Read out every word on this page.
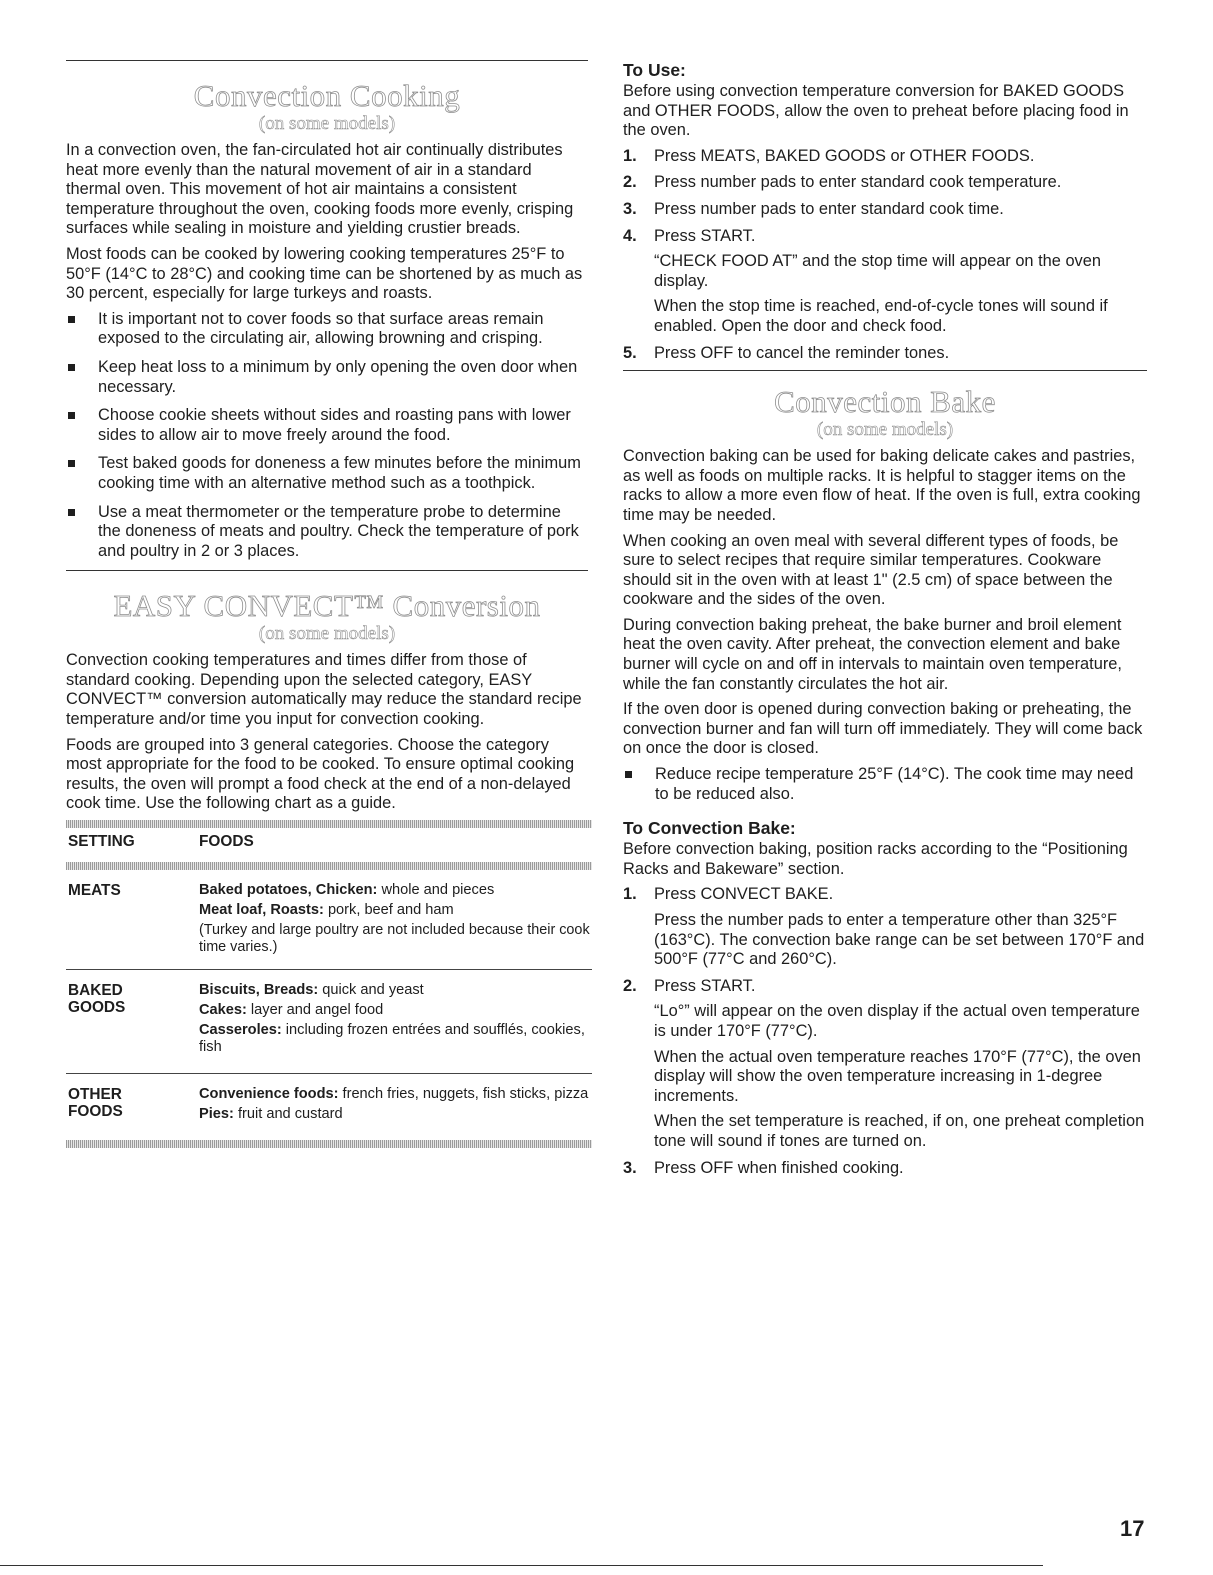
Convection Cooking
(on some models)

In a convection oven, the fan-circulated hot air continually distributes heat more evenly than the natural movement of air in a standard thermal oven. This movement of hot air maintains a consistent temperature throughout the oven, cooking foods more evenly, crisping surfaces while sealing in moisture and yielding crustier breads.

Most foods can be cooked by lowering cooking temperatures 25°F to 50°F (14°C to 28°C) and cooking time can be shortened by as much as 30 percent, especially for large turkeys and roasts.

It is important not to cover foods so that surface areas remain exposed to the circulating air, allowing browning and crisping.
Keep heat loss to a minimum by only opening the oven door when necessary.
Choose cookie sheets without sides and roasting pans with lower sides to allow air to move freely around the food.
Test baked goods for doneness a few minutes before the minimum cooking time with an alternative method such as a toothpick.
Use a meat thermometer or the temperature probe to determine the doneness of meats and poultry. Check the temperature of pork and poultry in 2 or 3 places.
EASY CONVECT™ Conversion
(on some models)

Convection cooking temperatures and times differ from those of standard cooking. Depending upon the selected category, EASY CONVECT™ conversion automatically may reduce the standard recipe temperature and/or time you input for convection cooking.

Foods are grouped into 3 general categories. Choose the category most appropriate for the food to be cooked. To ensure optimal cooking results, the oven will prompt a food check at the end of a non-delayed cook time. Use the following chart as a guide.

SETTING	FOODS
MEATS	Baked potatoes, Chicken: whole and pieces
Meat loaf, Roasts: pork, beef and ham
(Turkey and large poultry are not included because their cook time varies.)
BAKED
GOODS
Biscuits, Breads: quick and yeast
Cakes: layer and angel food
Casseroles: including frozen entrées and soufflés, cookies, fish
OTHER
FOODS
Convenience foods: french fries, nuggets, fish sticks, pizza
Pies: fruit and custard
To Use:

Before using convection temperature conversion for BAKED GOODS and OTHER FOODS, allow the oven to preheat before placing food in the oven.

1. Press MEATS, BAKED GOODS or OTHER FOODS.
2. Press number pads to enter standard cook temperature.
3. Press number pads to enter standard cook time.
4. Press START.
“CHECK FOOD AT” and the stop time will appear on the oven display.
When the stop time is reached, end-of-cycle tones will sound if enabled. Open the door and check food.
5. Press OFF to cancel the reminder tones.
Convection Bake
(on some models)

Convection baking can be used for baking delicate cakes and pastries, as well as foods on multiple racks. It is helpful to stagger items on the racks to allow a more even flow of heat. If the oven is full, extra cooking time may be needed.

When cooking an oven meal with several different types of foods, be sure to select recipes that require similar temperatures. Cookware should sit in the oven with at least 1" (2.5 cm) of space between the cookware and the sides of the oven.

During convection baking preheat, the bake burner and broil element heat the oven cavity. After preheat, the convection element and bake burner will cycle on and off in intervals to maintain oven temperature, while the fan constantly circulates the hot air.

If the oven door is opened during convection baking or preheating, the convection burner and fan will turn off immediately. They will come back on once the door is closed.

Reduce recipe temperature 25°F (14°C). The cook time may need to be reduced also.
To Convection Bake:

Before convection baking, position racks according to the “Positioning Racks and Bakeware” section.

1. Press CONVECT BAKE.
Press the number pads to enter a temperature other than 325°F (163°C). The convection bake range can be set between 170°F and 500°F (77°C and 260°C).
2. Press START.
“Lo°” will appear on the oven display if the actual oven temperature is under 170°F (77°C).
When the actual oven temperature reaches 170°F (77°C), the oven display will show the oven temperature increasing in 1-degree increments.
When the set temperature is reached, if on, one preheat completion tone will sound if tones are turned on.
3. Press OFF when finished cooking.
17
